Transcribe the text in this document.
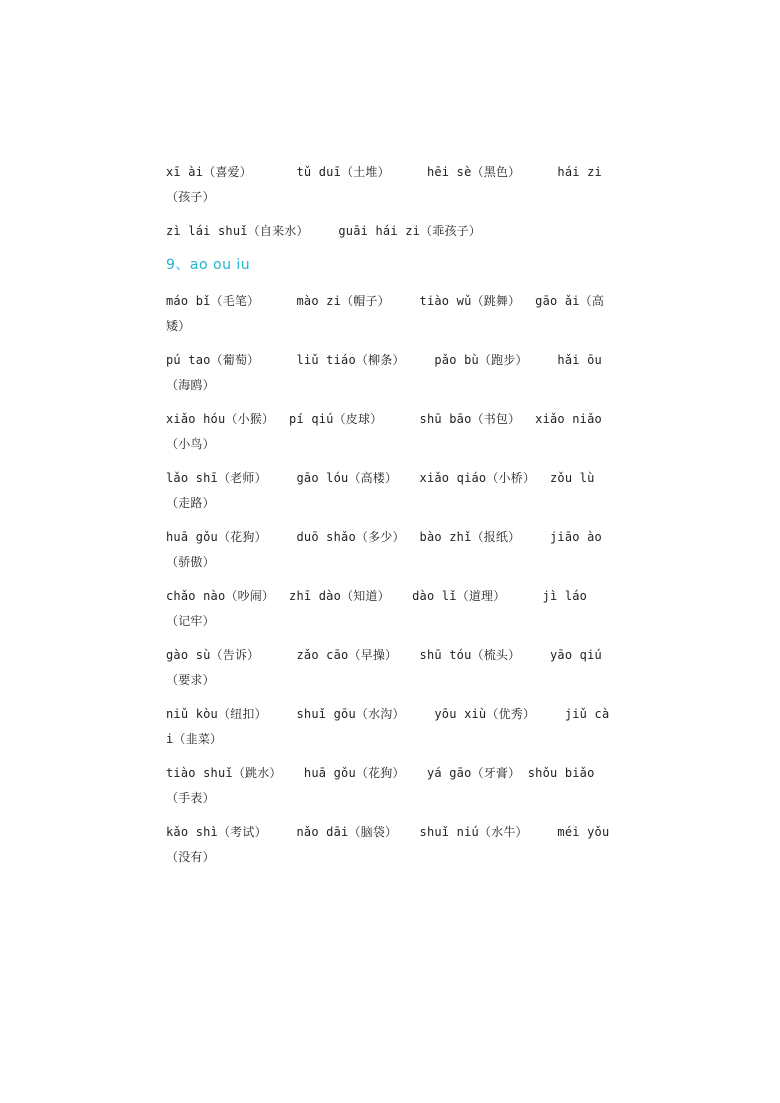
xī ài（喜爱）      tǔ duī（土堆）     hēi sè（黑色）     hái zi（孩子）

zì lái shuǐ（自来水）    guāi hái zi（乖孩子）

9、ao ou iu

máo bǐ（毛笔）     mào zi（帽子）    tiào wǔ（跳舞）  gāo ǎi（高矮）

pú tao（葡萄）     liǔ tiáo（柳条）    pǎo bù（跑步）    hǎi ōu（海鸥）

xiǎo hóu（小猴）  pí qiú（皮球）     shū bāo（书包）  xiǎo niǎo（小鸟）

lǎo shī（老师）    gāo lóu（高楼）   xiǎo qiáo（小桥）  zǒu lù（走路）

huā gǒu（花狗）    duō shǎo（多少）  bào zhǐ（报纸）    jiāo ào（骄傲）

chǎo nào（吵闹）  zhī dào（知道）   dào lǐ（道理）     jì láo（记牢）

gào sù（告诉）     zǎo cāo（早操）   shū tóu（梳头）    yāo qiú（要求）

niǔ kòu（纽扣）    shuǐ gōu（水沟）    yōu xiù（优秀）    jiǔ cài（韭菜）

tiào shuǐ（跳水）   huā gǒu（花狗）   yá gāo（牙膏） shǒu biǎo（手表）

kǎo shì（考试）    nǎo dāi（脑袋）   shuǐ niú（水牛）    méi yǒu（没有）
